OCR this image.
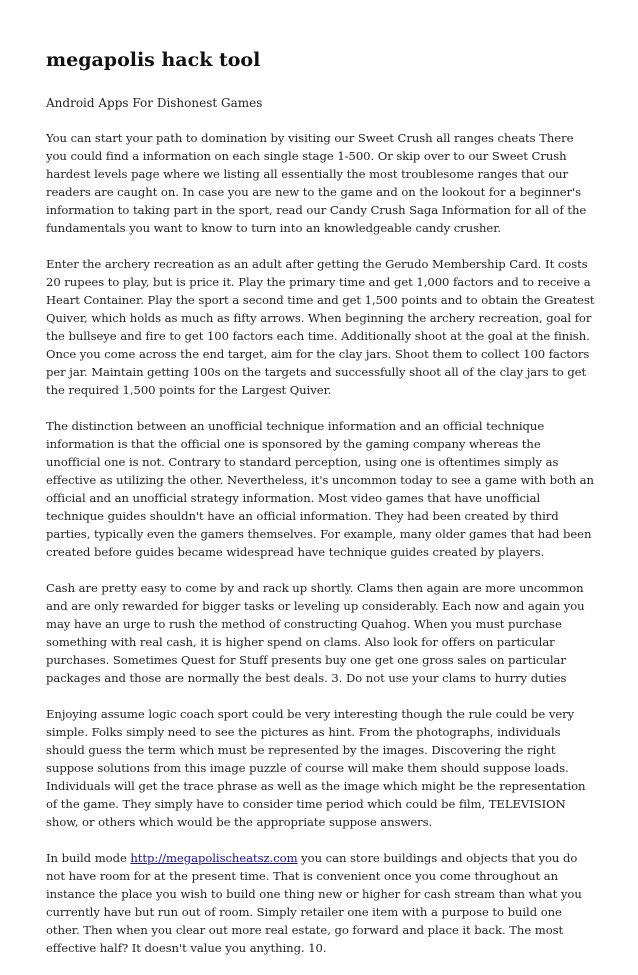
megapolis hack tool

Android Apps For Dishonest Games

You can start your path to domination by visiting our Sweet Crush all ranges cheats There you could find a information on each single stage 1-500. Or skip over to our Sweet Crush hardest levels page where we listing all essentially the most troublesome ranges that our readers are caught on. In case you are new to the game and on the lookout for a beginner's information to taking part in the sport, read our Candy Crush Saga Information for all of the fundamentals you want to know to turn into an knowledgeable candy crusher.

Enter the archery recreation as an adult after getting the Gerudo Membership Card. It costs 20 rupees to play, but is price it. Play the primary time and get 1,000 factors and to receive a Heart Container. Play the sport a second time and get 1,500 points and to obtain the Greatest Quiver, which holds as much as fifty arrows. When beginning the archery recreation, goal for the bullseye and fire to get 100 factors each time. Additionally shoot at the goal at the finish. Once you come across the end target, aim for the clay jars. Shoot them to collect 100 factors per jar. Maintain getting 100s on the targets and successfully shoot all of the clay jars to get the required 1,500 points for the Largest Quiver.

The distinction between an unofficial technique information and an official technique information is that the official one is sponsored by the gaming company whereas the unofficial one is not. Contrary to standard perception, using one is oftentimes simply as effective as utilizing the other. Nevertheless, it's uncommon today to see a game with both an official and an unofficial strategy information. Most video games that have unofficial technique guides shouldn't have an official information. They had been created by third parties, typically even the gamers themselves. For example, many older games that had been created before guides became widespread have technique guides created by players.

Cash are pretty easy to come by and rack up shortly. Clams then again are more uncommon and are only rewarded for bigger tasks or leveling up considerably. Each now and again you may have an urge to rush the method of constructing Quahog. When you must purchase something with real cash, it is higher spend on clams. Also look for offers on particular purchases. Sometimes Quest for Stuff presents buy one get one gross sales on particular packages and those are normally the best deals. 3. Do not use your clams to hurry duties

Enjoying assume logic coach sport could be very interesting though the rule could be very simple. Folks simply need to see the pictures as hint. From the photographs, individuals should guess the term which must be represented by the images. Discovering the right suppose solutions from this image puzzle of course will make them should suppose loads. Individuals will get the trace phrase as well as the image which might be the representation of the game. They simply have to consider time period which could be film, TELEVISION show, or others which would be the appropriate suppose answers.

In build mode http://megapolischeatsz.com you can store buildings and objects that you do not have room for at the present time. That is convenient once you come throughout an instance the place you wish to build one thing new or higher for cash stream than what you currently have but run out of room. Simply retailer one item with a purpose to build one other. Then when you clear out more real estate, go forward and place it back. The most effective half? It doesn't value you anything. 10.
